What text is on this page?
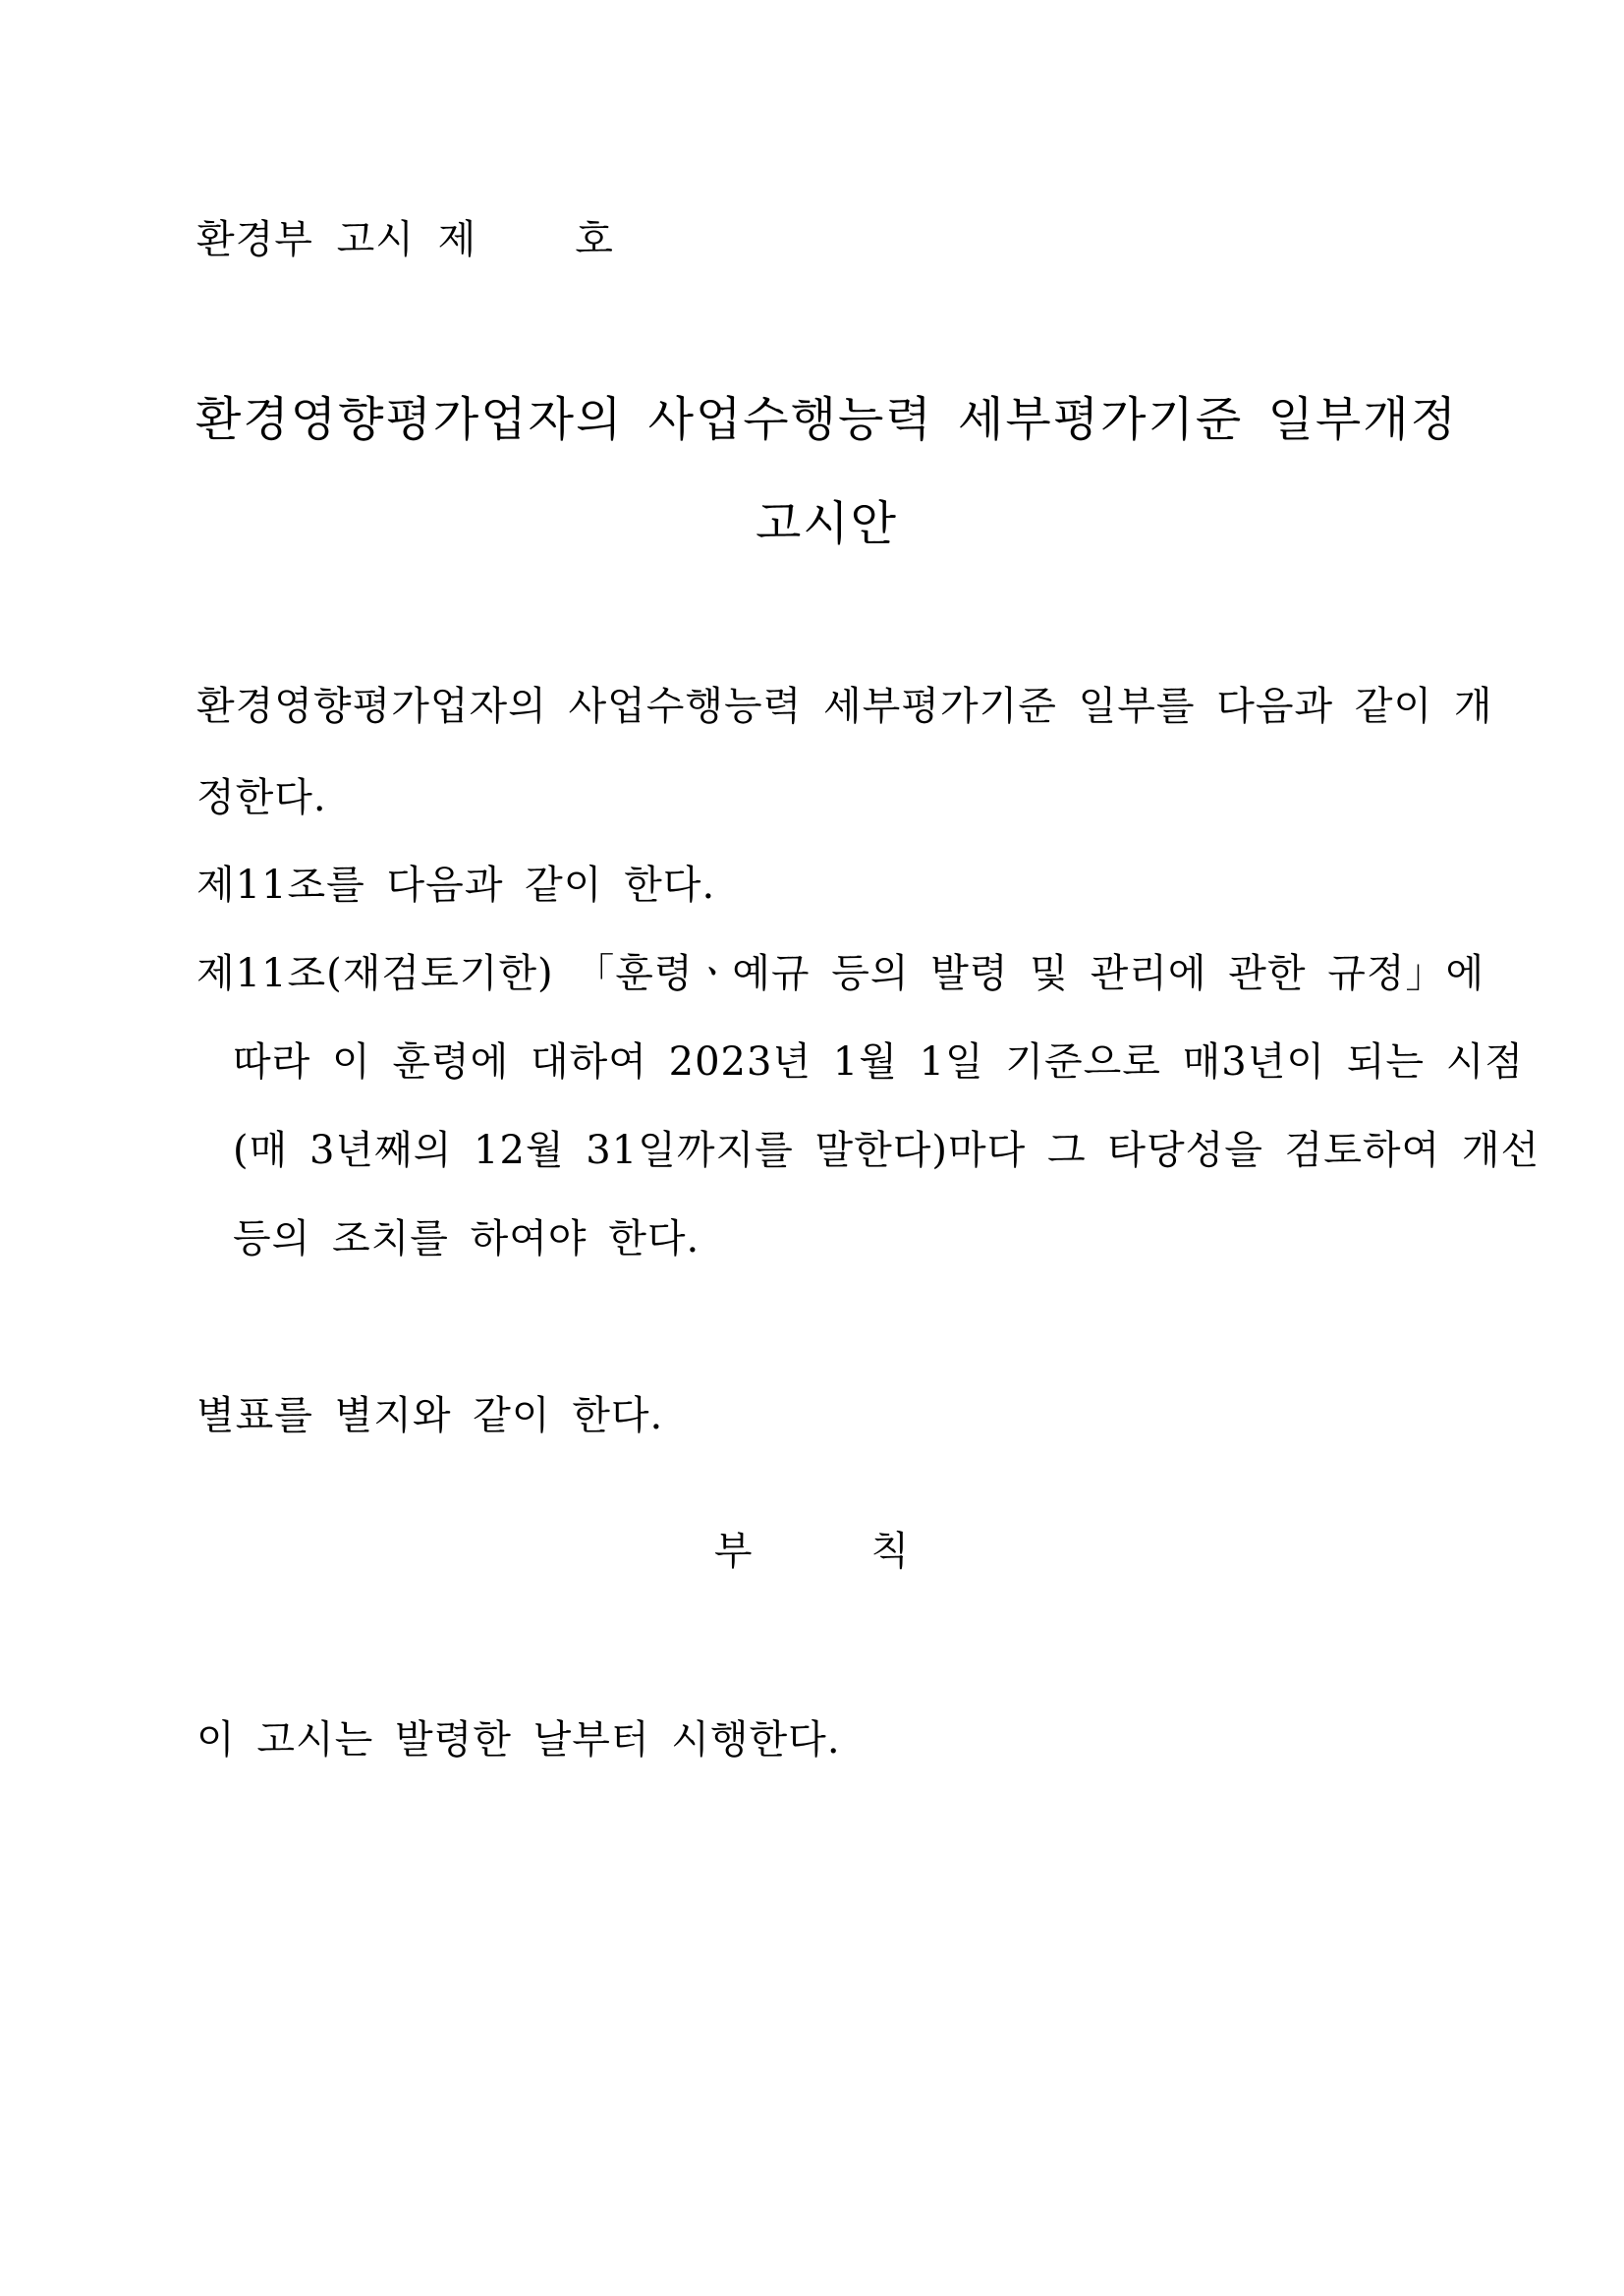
환경부 고시 제	호
환경영향평가업자의 사업수행능력 세부평가기준 일부개정
고시안
환경영향평가업자의 사업수행능력 세부평가기준 일부를 다음과 같이 개
정한다.
제11조를 다음과 같이 한다.
제11조(재검토기한) 「훈령ㆍ예규 등의 발령 및 관리에 관한 규정」에
따라 이 훈령에 대하여 2023년 1월 1일 기준으로 매3년이 되는 시점
(매 3년째의 12월 31일까지를 말한다)마다 그 타당성을 검토하여 개선
등의 조치를 하여야 한다.
별표를 별지와 같이 한다.
부	칙
이 고시는 발령한 날부터 시행한다.
